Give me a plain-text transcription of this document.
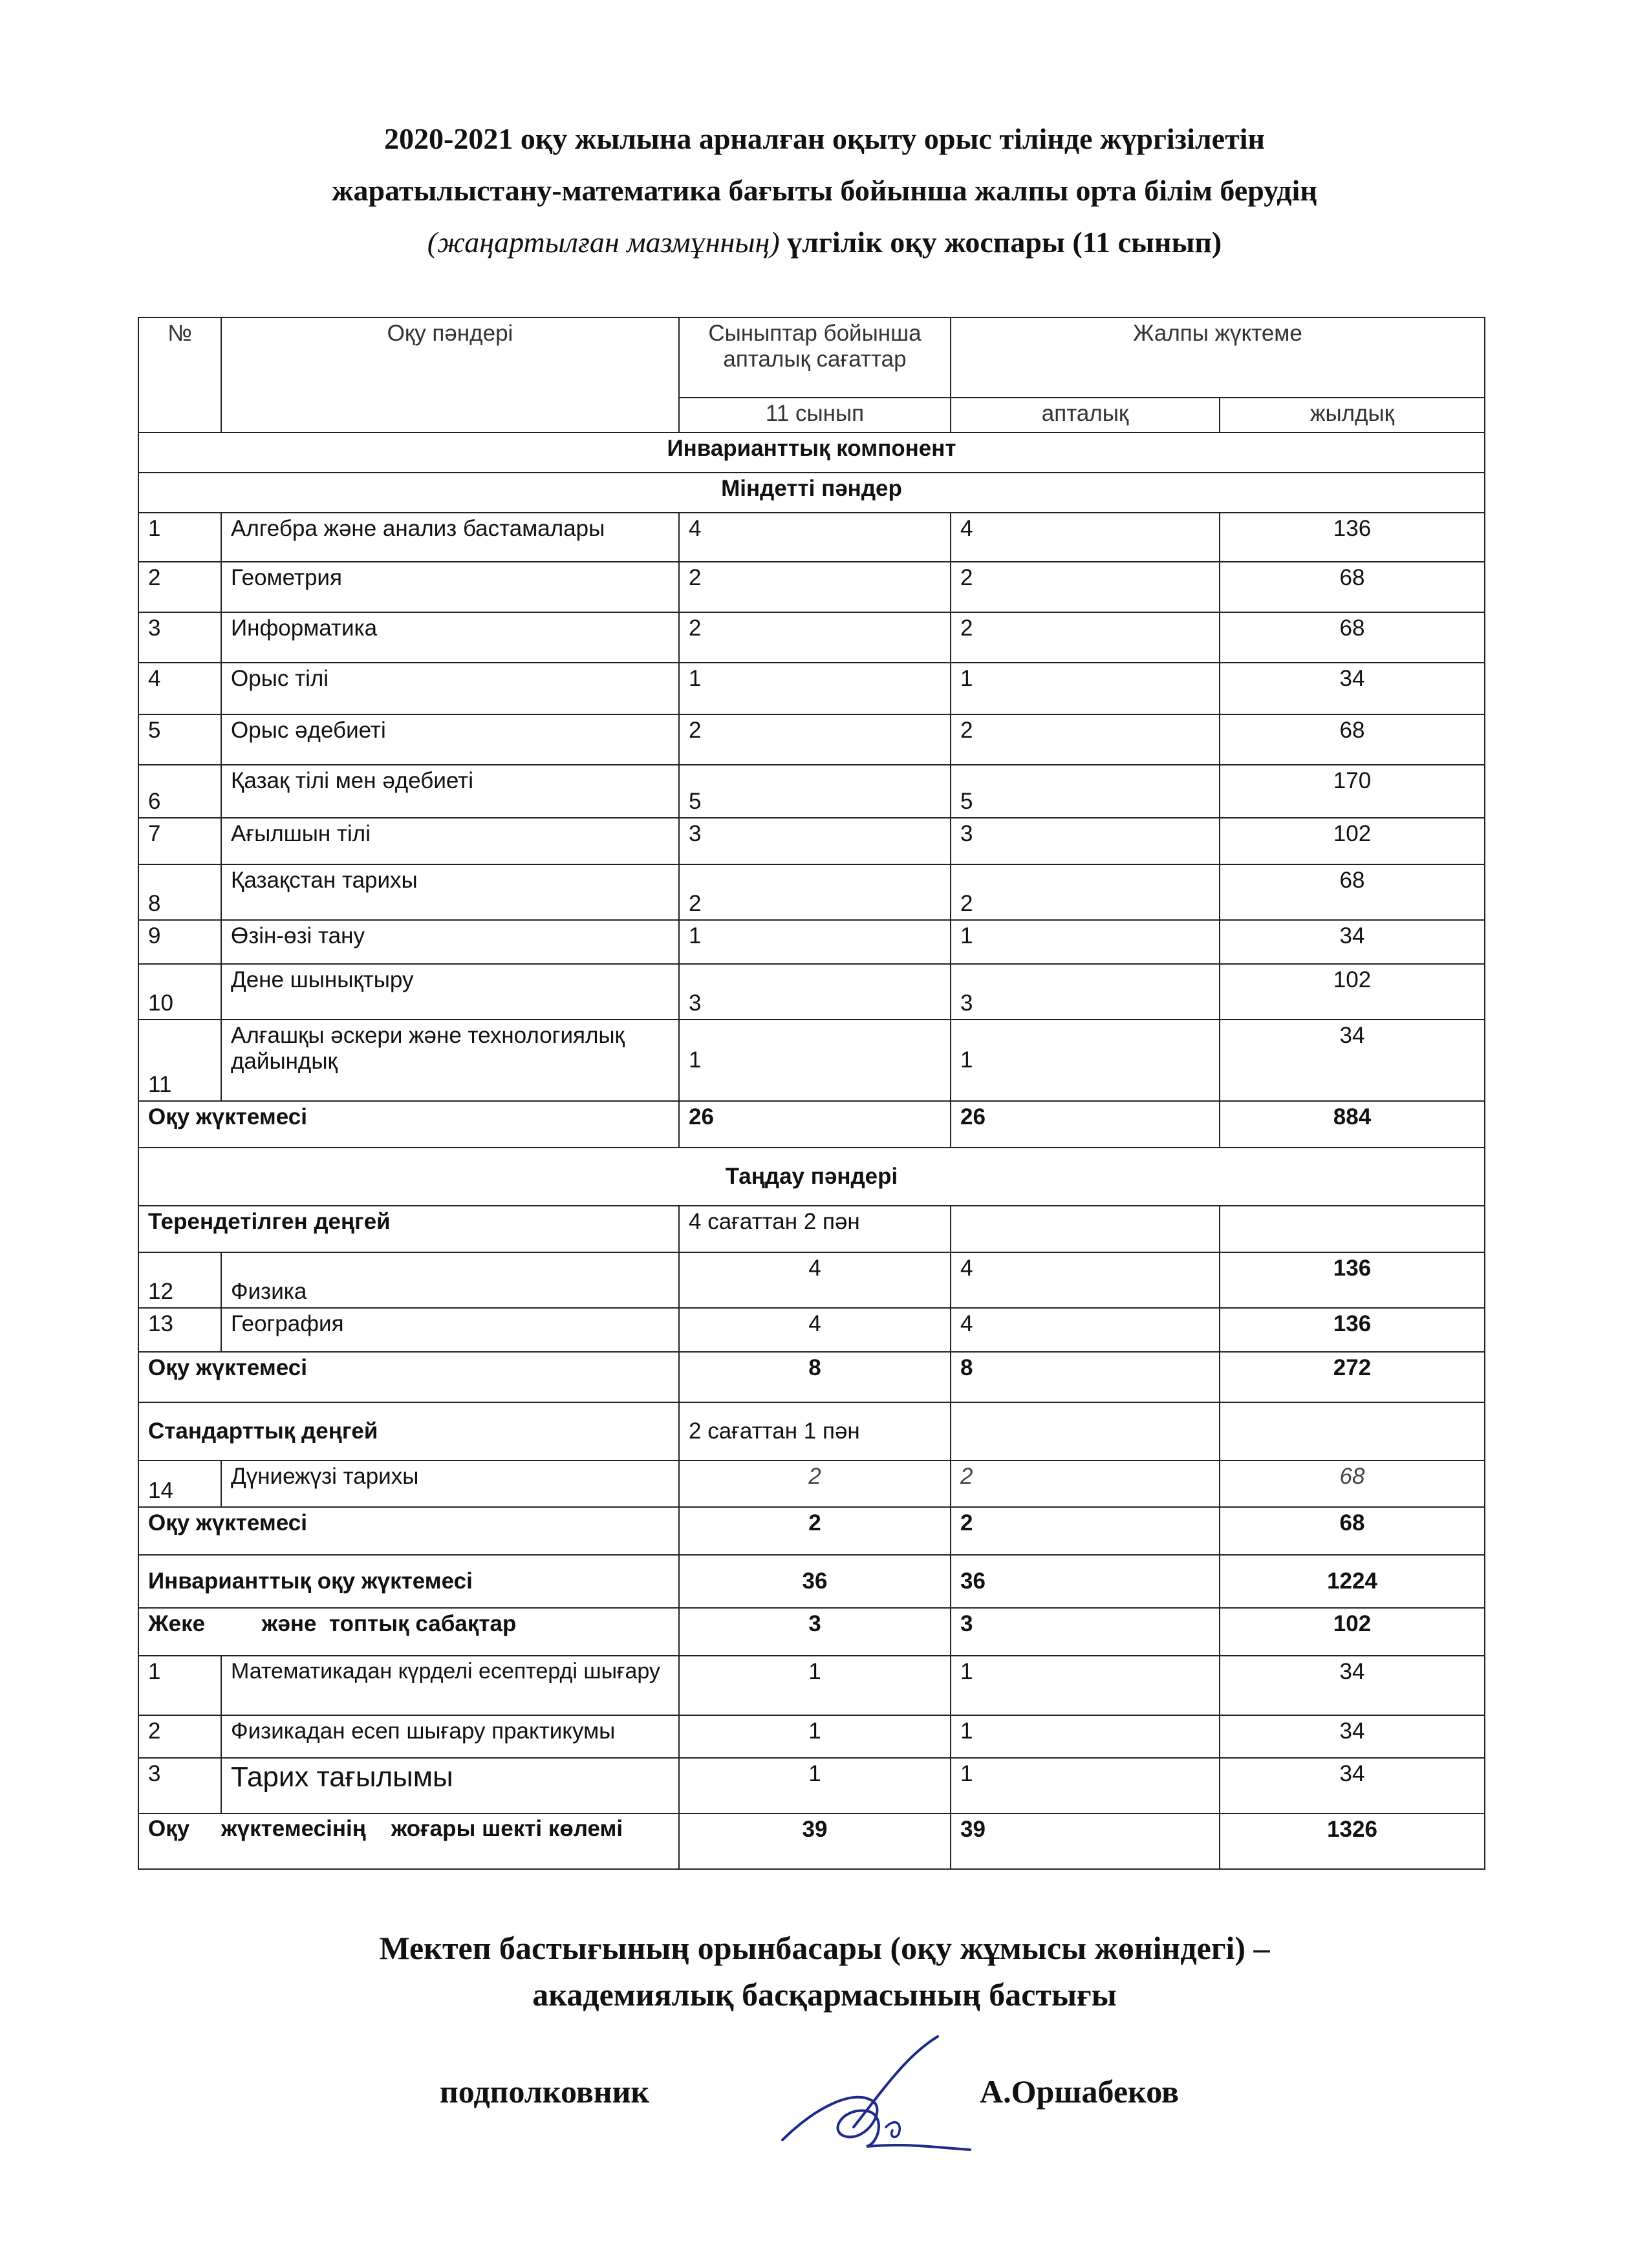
2020-2021 оқу жылына арналған оқыту орыс тілінде жүргізілетін
жаратылыстану-математика бағыты бойынша жалпы орта білім берудің
(жаңартылған мазмұнның) үлгілік оқу жоспары (11 сынып)
№	Оқу пәндері	Сыныптар бойынша апталық сағаттар	Жалпы жүктеме	
		11 сынып	апталық	жылдық
Инварианттық компонент				
Міндетті пәндер				
1	Алгебра және анализ бастамалары	4	4	136
2	Геометрия	2	2	68
3	Информатика	2	2	68
4	Орыс тілі	1	1	34
5	Орыс әдебиеті	2	2	68
6	Қазақ тілі мен әдебиеті	5	5	170
7	Ағылшын тілі	3	3	102
8	Қазақстан тарихы	2	2	68
9	Өзін-өзі тану	1	1	34
10	Дене шынықтыру	3	3	102
11	Алғашқы әскери және технологиялық дайындық	1	1	34
Оқу жүктемесі		26	26	884
Таңдау пәндері				
Терендетілген деңгей		4 сағаттан 2 пән		
12	Физика	4	4	136
13	География	4	4	136
Оқу жүктемесі		8	8	272
Стандарттық деңгей		2 сағаттан 1 пән		
14	Дүниежүзі тарихы	2	2	68
Оқу жүктемесі		2	2	68
Инварианттық оқу жүктемесі		36	36	1224
Жеке         және  топтық сабақтар		3	3	102
1	Математикадан күрделі есептерді шығару	1	1	34
2	Физикадан есеп шығару практикумы	1	1	34
3	Тарих тағылымы	1	1	34
Оқу     жүктемесінің    жоғары шекті көлемі		39	39	1326
Мектеп бастығының орынбасары (оқу жұмысы жөніндегі) –
академиялық басқармасының бастығы
подполковник	А.Оршабеков
